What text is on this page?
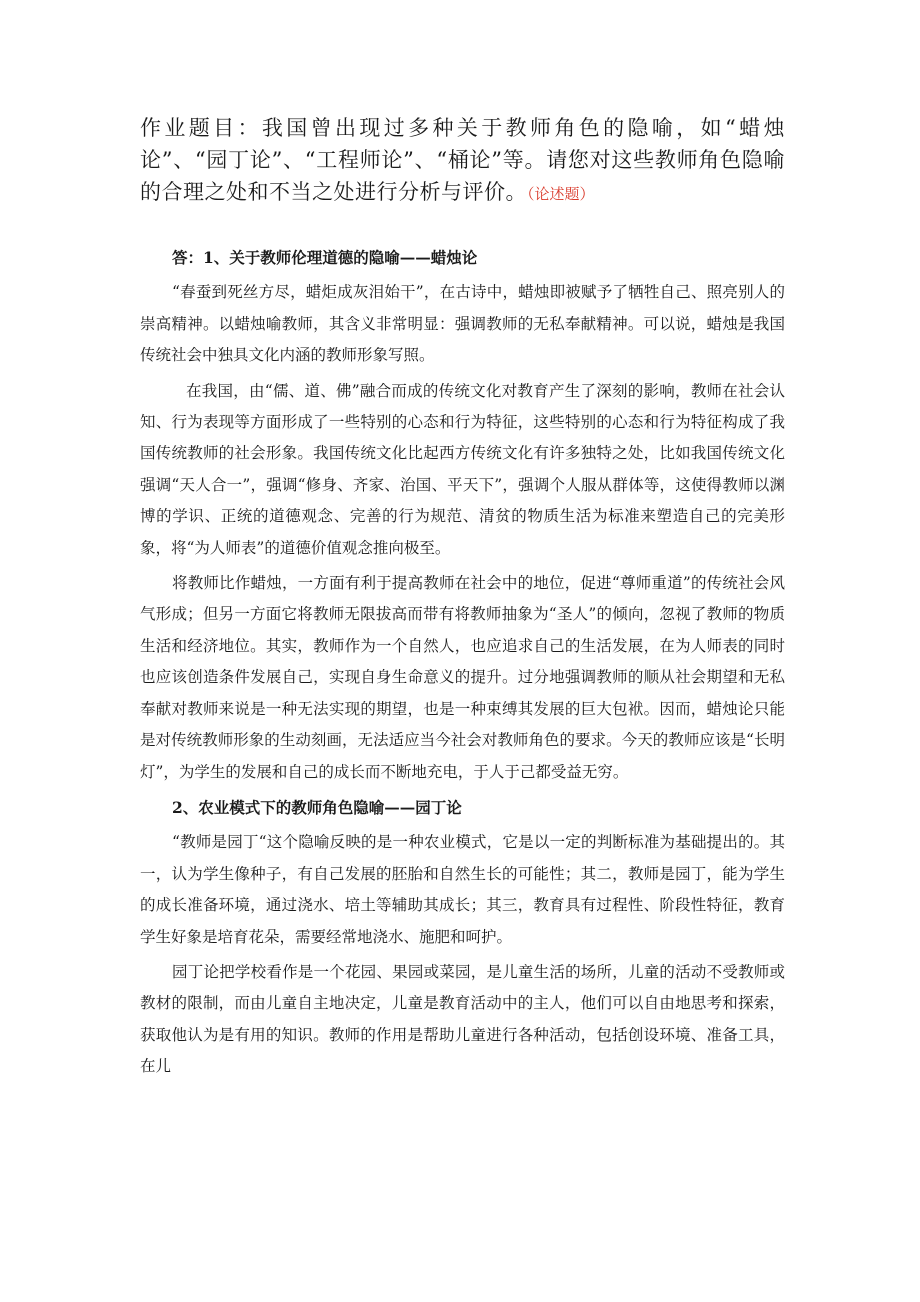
作业题目：我国曾出现过多种关于教师角色的隐喻，如“蜡烛论”、“园丁论”、“工程师论”、“桶论”等。请您对这些教师角色隐喻的合理之处和不当之处进行分析与评价。（论述题）

答：1、关于教师伦理道德的隐喻——蜡烛论

“春蚕到死丝方尽，蜡炬成灰泪始干”，在古诗中，蜡烛即被赋予了牺牲自己、照亮别人的崇高精神。以蜡烛喻教师，其含义非常明显：强调教师的无私奉献精神。可以说，蜡烛是我国传统社会中独具文化内涵的教师形象写照。

在我国，由“儒、道、佛”融合而成的传统文化对教育产生了深刻的影响，教师在社会认知、行为表现等方面形成了一些特别的心态和行为特征，这些特别的心态和行为特征构成了我国传统教师的社会形象。我国传统文化比起西方传统文化有许多独特之处，比如我国传统文化强调“天人合一”，强调“修身、齐家、治国、平天下”，强调个人服从群体等，这使得教师以渊博的学识、正统的道德观念、完善的行为规范、清贫的物质生活为标准来塑造自己的完美形象，将“为人师表”的道德价值观念推向极至。

将教师比作蜡烛，一方面有利于提高教师在社会中的地位，促进“尊师重道”的传统社会风气形成；但另一方面它将教师无限拔高而带有将教师抽象为“圣人”的倾向，忽视了教师的物质生活和经济地位。其实，教师作为一个自然人，也应追求自己的生活发展，在为人师表的同时也应该创造条件发展自己，实现自身生命意义的提升。过分地强调教师的顺从社会期望和无私奉献对教师来说是一种无法实现的期望，也是一种束缚其发展的巨大包袱。因而，蜡烛论只能是对传统教师形象的生动刻画，无法适应当今社会对教师角色的要求。今天的教师应该是“长明灯”，为学生的发展和自己的成长而不断地充电，于人于己都受益无穷。

2、农业模式下的教师角色隐喻——园丁论

“教师是园丁“这个隐喻反映的是一种农业模式，它是以一定的判断标准为基础提出的。其一，认为学生像种子，有自己发展的胚胎和自然生长的可能性；其二，教师是园丁，能为学生的成长准备环境，通过浇水、培土等辅助其成长；其三，教育具有过程性、阶段性特征，教育学生好象是培育花朵，需要经常地浇水、施肥和呵护。

园丁论把学校看作是一个花园、果园或菜园，是儿童生活的场所，儿童的活动不受教师或教材的限制，而由儿童自主地决定，儿童是教育活动中的主人，他们可以自由地思考和探索，获取他认为是有用的知识。教师的作用是帮助儿童进行各种活动，包括创设环境、准备工具，在儿
